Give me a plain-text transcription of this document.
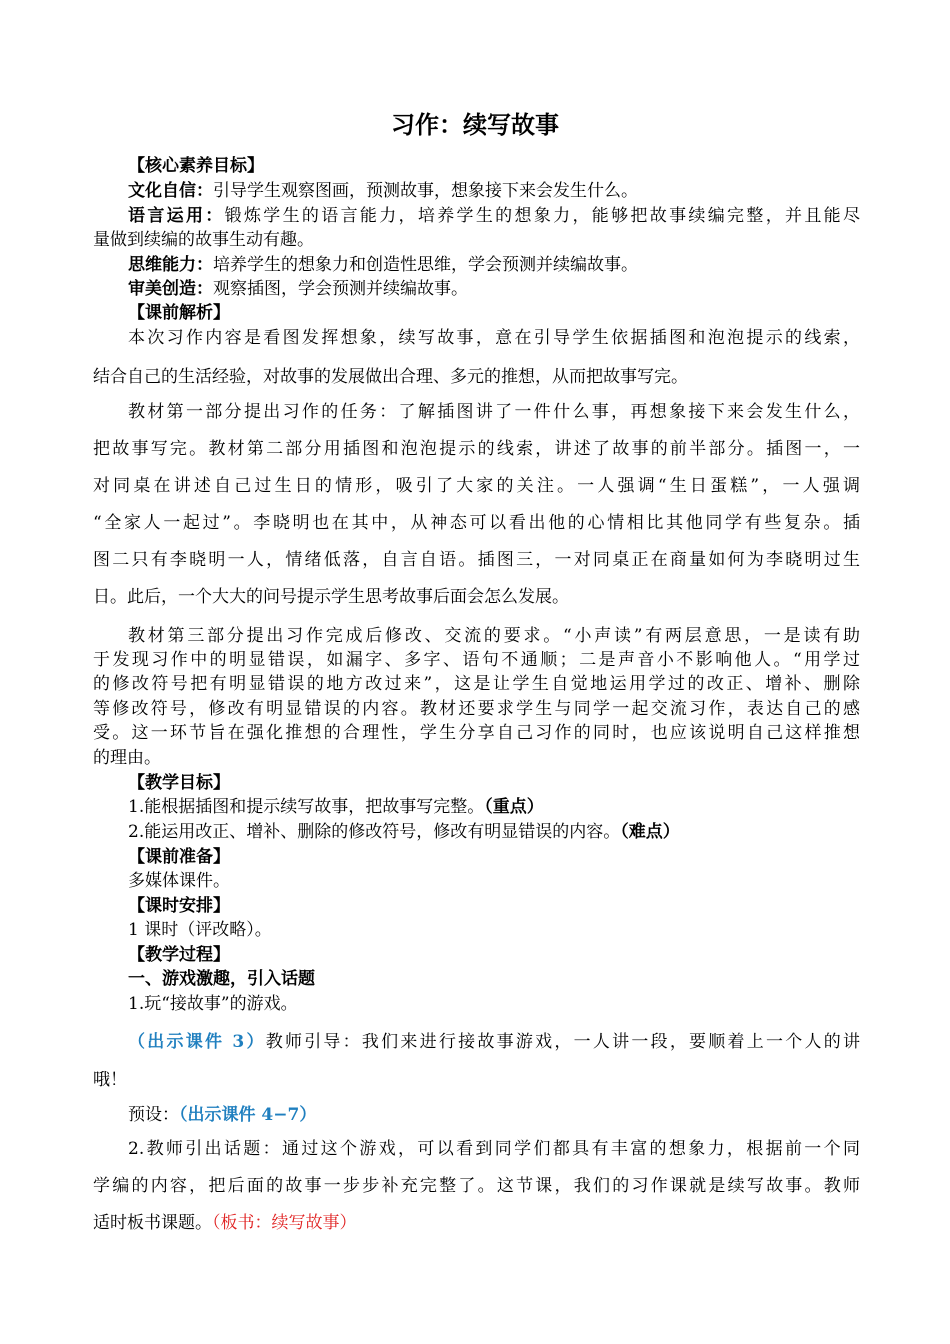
习作：续写故事
【核心素养目标】
文化自信：引导学生观察图画，预测故事，想象接下来会发生什么。
语言运用：锻炼学生的语言能力，培养学生的想象力，能够把故事续编完整，并且能尽
量做到续编的故事生动有趣。
思维能力：培养学生的想象力和创造性思维，学会预测并续编故事。
审美创造：观察插图，学会预测并续编故事。
【课前解析】
本次习作内容是看图发挥想象，续写故事，意在引导学生依据插图和泡泡提示的线索，
结合自己的生活经验，对故事的发展做出合理、多元的推想，从而把故事写完。
教材第一部分提出习作的任务：了解插图讲了一件什么事，再想象接下来会发生什么，
把故事写完。教材第二部分用插图和泡泡提示的线索，讲述了故事的前半部分。插图一，一
对同桌在讲述自己过生日的情形，吸引了大家的关注。一人强调“生日蛋糕”，一人强调
“全家人一起过”。李晓明也在其中，从神态可以看出他的心情相比其他同学有些复杂。插
图二只有李晓明一人，情绪低落，自言自语。插图三，一对同桌正在商量如何为李晓明过生
日。此后，一个大大的问号提示学生思考故事后面会怎么发展。
教材第三部分提出习作完成后修改、交流的要求。“小声读”有两层意思，一是读有助
于发现习作中的明显错误，如漏字、多字、语句不通顺；二是声音小不影响他人。“用学过
的修改符号把有明显错误的地方改过来”，这是让学生自觉地运用学过的改正、增补、删除
等修改符号，修改有明显错误的内容。教材还要求学生与同学一起交流习作，表达自己的感
受。这一环节旨在强化推想的合理性，学生分享自己习作的同时，也应该说明自己这样推想
的理由。
【教学目标】
1.能根据插图和提示续写故事，把故事写完整。（重点）
2.能运用改正、增补、删除的修改符号，修改有明显错误的内容。（难点）
【课前准备】
多媒体课件。
【课时安排】
1 课时（评改略）。
【教学过程】
一、游戏激趣，引入话题
1.玩“接故事”的游戏。
（出示课件 3）教师引导：我们来进行接故事游戏，一人讲一段，要顺着上一个人的讲
哦！
预设：（出示课件 4−7）
2.教师引出话题：通过这个游戏，可以看到同学们都具有丰富的想象力，根据前一个同
学编的内容，把后面的故事一步步补充完整了。这节课，我们的习作课就是续写故事。教师
适时板书课题。（板书：续写故事）
